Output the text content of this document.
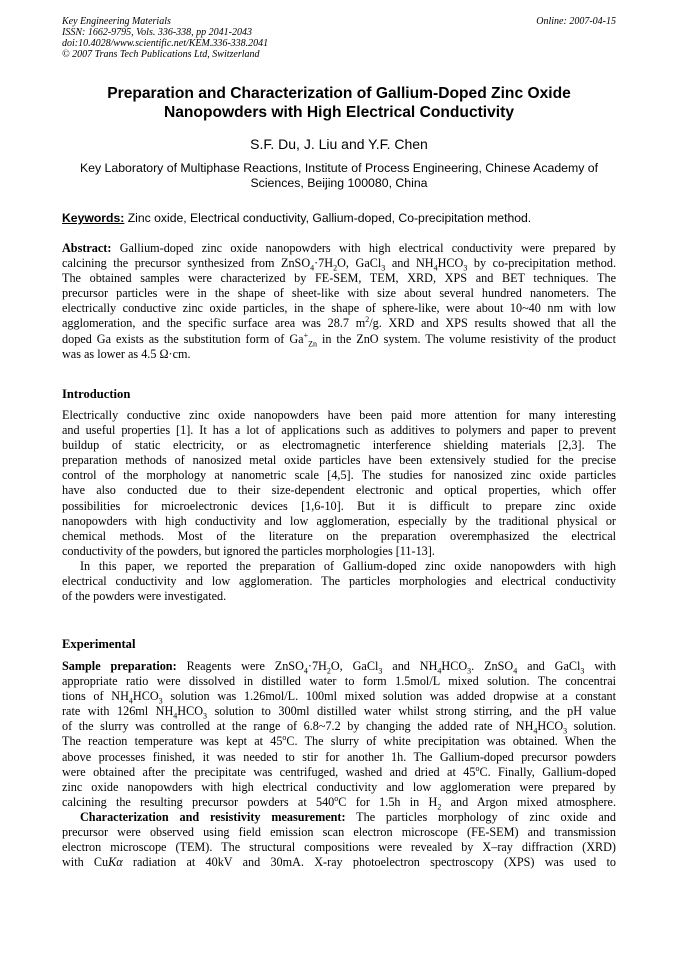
Key Engineering Materials
ISSN: 1662-9795, Vols. 336-338, pp 2041-2043
doi:10.4028/www.scientific.net/KEM.336-338.2041
© 2007 Trans Tech Publications Ltd, Switzerland
Online: 2007-04-15
Preparation and Characterization of Gallium-Doped Zinc Oxide
Nanopowders with High Electrical Conductivity
S.F. Du, J. Liu and Y.F. Chen
Key Laboratory of Multiphase Reactions, Institute of Process Engineering, Chinese Academy of
Sciences, Beijing 100080, China
Keywords: Zinc oxide, Electrical conductivity, Gallium-doped, Co-precipitation method.
Abstract: Gallium-doped zinc oxide nanopowders with high electrical conductivity were prepared by
calcining the precursor synthesized from $ZnSO_4\cdot 7H_2O$, GaCl$_3$ and $NH_4HCO_3$ by co-precipitation method.
The obtained samples were characterized by FE-SEM, TEM, XRD, XPS and BET techniques. The
precursor particles were in the shape of sheet-like with size about several hundred nanometers. The
electrically conductive zinc oxide particles, in the shape of sphere-like, were about 10~40 nm with low
agglomeration, and the specific surface area was 28.7 $m^2/g$. XRD and XPS results showed that all the
doped Ga exists as the substitution form of $Ga^+_{Zn}$ in the ZnO system. The volume resistivity of the product
was as lower as 4.5 Ω·cm.
Introduction
Electrically conductive zinc oxide nanopowders have been paid more attention for many interesting
and useful properties [1]. It has a lot of applications such as additives to polymers and paper to prevent
buildup of static electricity, or as electromagnetic interference shielding materials [2,3]. The
preparation methods of nanosized metal oxide particles have been extensively studied for the precise
control of the morphology at nanometric scale [4,5]. The studies for nanosized zinc oxide particles
have also conducted due to their size-dependent electronic and optical properties, which offer
possibilities for microelectronic devices [1,6-10]. But it is difficult to prepare zinc oxide
nanopowders with high conductivity and low agglomeration, especially by the traditional physical or
chemical methods. Most of the literature on the preparation overemphasized the electrical
conductivity of the powders, but ignored the particles morphologies [11-13].
In this paper, we reported the preparation of Gallium-doped zinc oxide nanopowders with high
electrical conductivity and low agglomeration. The particles morphologies and electrical conductivity
of the powders were investigated.
Experimental
Sample preparation: Reagents were $ZnSO_4\cdot 7H_2O$, GaCl$_3$ and $NH_4HCO_3$. ZnSO$_4$ and GaCl$_3$ with
appropriate ratio were dissolved in distilled water to form 1.5mol/L mixed solution. The concentrai
tions of $NH_4HCO_3$ solution was 1.26mol/L. 100ml mixed solution was added dropwise at a constant
rate with 126ml $NH_4HCO_3$ solution to 300ml distilled water whilst strong stirring, and the pH value
of the slurry was controlled at the range of 6.8~7.2 by changing the added rate of $NH_4HCO_3$ solution.
The reaction temperature was kept at 45$^o$C. The slurry of white precipitation was obtained. When the
above processes finished, it was needed to stir for another 1h. The Gallium-doped precursor powders
were obtained after the precipitate was centrifuged, washed and dried at 45$^o$C. Finally, Gallium-doped
zinc oxide nanopowders with high electrical conductivity and low agglomeration were prepared by
calcining the resulting precursor powders at 540$^o$C for 1.5h in $H_2$ and Argon mixed atmosphere.
Characterization and resistivity measurement: The particles morphology of zinc oxide and
precursor were observed using field emission scan electron microscope (FE-SEM) and transmission
electron microscope (TEM). The structural compositions were revealed by X–ray diffraction (XRD)
with CuKα radiation at 40kV and 30mA. X-ray photoelectron spectroscopy (XPS) was used to
